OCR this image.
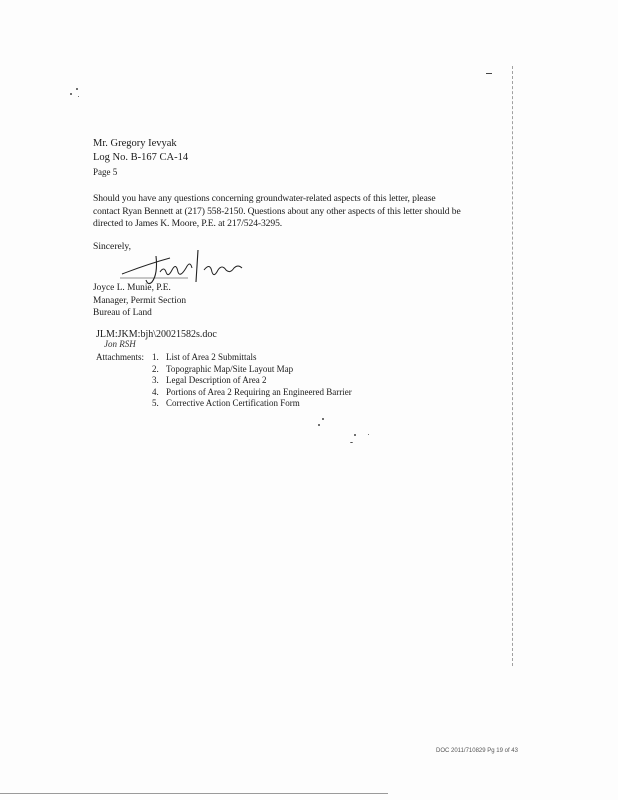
Mr. Gregory Ievyak
Log No. B-167 CA-14
Page 5
Should you have any questions concerning groundwater-related aspects of this letter, please contact Ryan Bennett at (217) 558-2150. Questions about any other aspects of this letter should be directed to James K. Moore, P.E. at 217/524-3295.
Sincerely,
Joyce L. Munie, P.E.
Manager, Permit Section
Bureau of Land
JLM:JKM:bjh\20021582s.doc
Jon RSH
Attachments: 1. List of Area 2 Submittals
2. Topographic Map/Site Layout Map
3. Legal Description of Area 2
4. Portions of Area 2 Requiring an Engineered Barrier
5. Corrective Action Certification Form
DOC 2011/710829 Pg 19 of 43
